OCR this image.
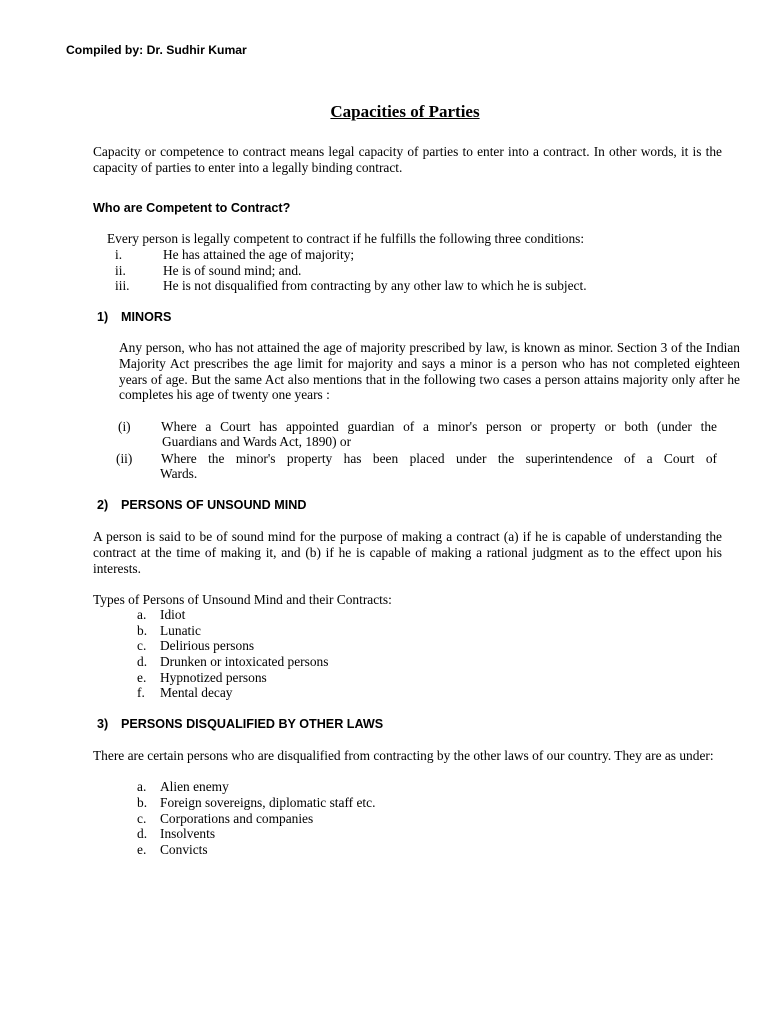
Compiled by: Dr. Sudhir Kumar
Capacities of Parties
Capacity or competence to contract means legal capacity of parties to enter into a contract. In other words, it is the capacity of parties to enter into a legally binding contract.
Who are Competent to Contract?
Every person is legally competent to contract if he fulfills the following three conditions:
i.	He has attained the age of majority;
ii.	He is of sound mind; and.
iii. He is not disqualified from contracting by any other law to which he is subject.
1) MINORS
Any person, who has not attained the age of majority prescribed by law, is known as minor. Section 3 of the Indian Majority Act prescribes the age limit for majority and says a minor is a person who has not completed eighteen years of age. But the same Act also mentions that in the following two cases a person attains majority only after he completes his age of twenty one years :
(i) Where a Court has appointed guardian of a minor's person or property or both (under the
Guardians and Wards Act, 1890) or
(ii) Where the minor's property has been placed under the superintendence of a Court of
Wards.
2) PERSONS OF UNSOUND MIND
A person is said to be of sound mind for the purpose of making a contract (a) if he is capable of understanding the contract at the time of making it, and (b) if he is capable of making a rational judgment as to the effect upon his interests.
Types of Persons of Unsound Mind and their Contracts:
a. Idiot
b. Lunatic
c. Delirious persons
d. Drunken or intoxicated persons
e. Hypnotized persons
f. Mental decay
3) PERSONS DISQUALIFIED BY OTHER LAWS
There are certain persons who are disqualified from contracting by the other laws of our country. They are as under:
a. Alien enemy
b. Foreign sovereigns, diplomatic staff etc.
c. Corporations and companies
d. Insolvents
e. Convicts
